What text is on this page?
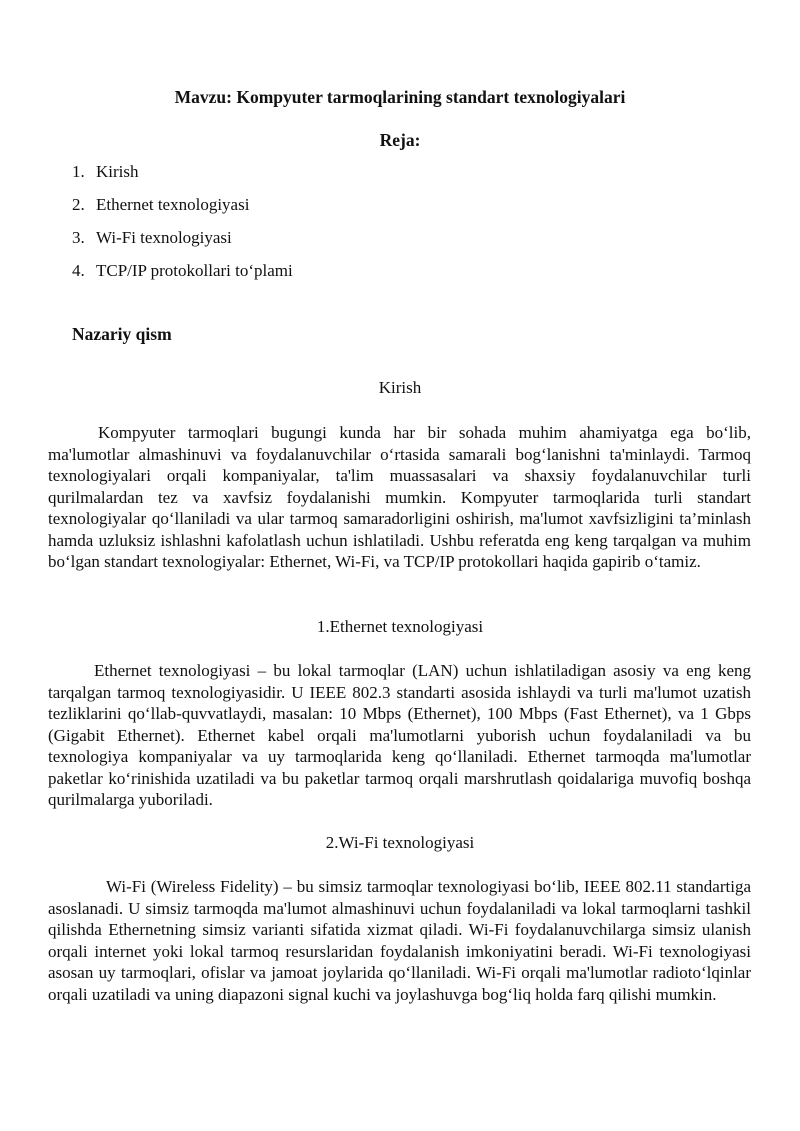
Mavzu: Kompyuter tarmoqlarining standart texnologiyalari
Reja:
1. Kirish
2. Ethernet texnologiyasi
3. Wi-Fi texnologiyasi
4. TCP/IP protokollari to‘plami
Nazariy qism
Kirish

Kompyuter tarmoqlari bugungi kunda har bir sohada muhim ahamiyatga ega bo‘lib, ma'lumotlar almashinuvi va foydalanuvchilar o‘rtasida samarali bog‘lanishni ta'minlaydi. Tarmoq texnologiyalari orqali kompaniyalar, ta'lim muassasalari va shaxsiy foydalanuvchilar turli qurilmalardan tez va xavfsiz foydalanishi mumkin. Kompyuter tarmoqlarida turli standart texnologiyalar qo‘llaniladi va ular tarmoq samaradorligini oshirish, ma'lumot xavfsizligini ta’minlash hamda uzluksiz ishlashni kafolatlash uchun ishlatiladi. Ushbu referatda eng keng tarqalgan va muhim bo‘lgan standart texnologiyalar: Ethernet, Wi-Fi, va TCP/IP protokollari haqida gapirib o‘tamiz.

1.Ethernet texnologiyasi

Ethernet texnologiyasi – bu lokal tarmoqlar (LAN) uchun ishlatiladigan asosiy va eng keng tarqalgan tarmoq texnologiyasidir. U IEEE 802.3 standarti asosida ishlaydi va turli ma'lumot uzatish tezliklarini qo‘llab-quvvatlaydi, masalan: 10 Mbps (Ethernet), 100 Mbps (Fast Ethernet), va 1 Gbps (Gigabit Ethernet). Ethernet kabel orqali ma'lumotlarni yuborish uchun foydalaniladi va bu texnologiya kompaniyalar va uy tarmoqlarida keng qo‘llaniladi. Ethernet tarmoqda ma'lumotlar paketlar ko‘rinishida uzatiladi va bu paketlar tarmoq orqali marshrutlash qoidalariga muvofiq boshqa qurilmalarga yuboriladi.

2.Wi-Fi texnologiyasi

Wi-Fi (Wireless Fidelity) – bu simsiz tarmoqlar texnologiyasi bo‘lib, IEEE 802.11 standartiga asoslanadi. U simsiz tarmoqda ma'lumot almashinuvi uchun foydalaniladi va lokal tarmoqlarni tashkil qilishda Ethernetning simsiz varianti sifatida xizmat qiladi. Wi-Fi foydalanuvchilarga simsiz ulanish orqali internet yoki lokal tarmoq resurslaridan foydalanish imkoniyatini beradi. Wi-Fi texnologiyasi asosan uy tarmoqlari, ofislar va jamoat joylarida qo‘llaniladi. Wi-Fi orqali ma'lumotlar radioto‘lqinlar orqali uzatiladi va uning diapazoni signal kuchi va joylashuvga bog‘liq holda farq qilishi mumkin.
